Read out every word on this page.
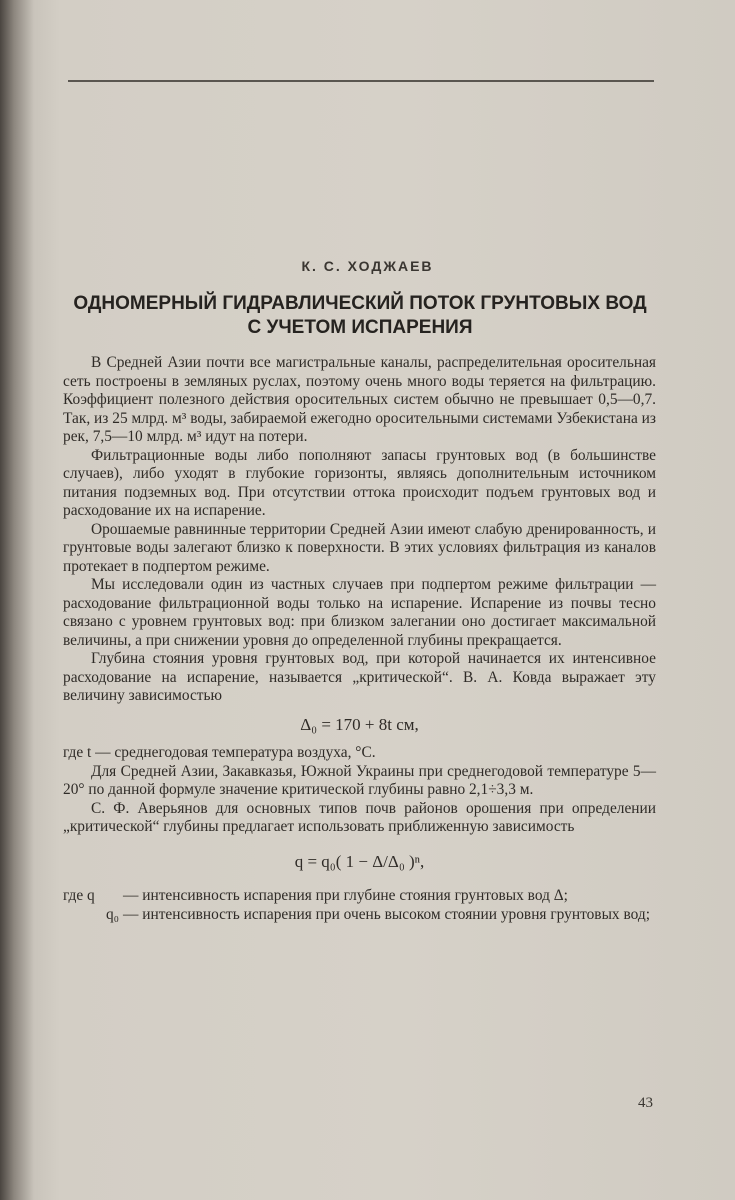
К. С. ХОДЖАЕВ
ОДНОМЕРНЫЙ ГИДРАВЛИЧЕСКИЙ ПОТОК ГРУНТОВЫХ ВОД
С УЧЕТОМ ИСПАРЕНИЯ

В Средней Азии почти все магистральные каналы, распределительная оросительная сеть построены в земляных руслах, поэтому очень много воды теряется на фильтрацию. Коэффициент полезного действия оросительных систем обычно не превышает 0,5—0,7. Так, из 25 млрд. м³ воды, забираемой ежегодно оросительными системами Узбекистана из рек, 7,5—10 млрд. м³ идут на потери.

Фильтрационные воды либо пополняют запасы грунтовых вод (в большинстве случаев), либо уходят в глубокие горизонты, являясь дополнительным источником питания подземных вод. При отсутствии оттока происходит подъем грунтовых вод и расходование их на испарение.

Орошаемые равнинные территории Средней Азии имеют слабую дренированность, и грунтовые воды залегают близко к поверхности. В этих условиях фильтрация из каналов протекает в подпертом режиме.

Мы исследовали один из частных случаев при подпертом режиме фильтрации — расходование фильтрационной воды только на испарение. Испарение из почвы тесно связано с уровнем грунтовых вод: при близком залегании оно достигает максимальной величины, а при снижении уровня до определенной глубины прекращается.

Глубина стояния уровня грунтовых вод, при которой начинается их интенсивное расходование на испарение, называется „критической“. В. А. Ковда выражает эту величину зависимостью

Δ₀ = 170 + 8t см,

где t — среднегодовая температура воздуха, °С.

Для Средней Азии, Закавказья, Южной Украины при среднегодовой температуре 5—20° по данной формуле значение критической глубины равно 2,1÷3,3 м.

С. Ф. Аверьянов для основных типов почв районов орошения при определении „критической“ глубины предлагает использовать приближенную зависимость

q = q₀( 1 − Δ/Δ₀ )ⁿ,
где q	— интенсивность испарения при глубине стояния грунтовых вод Δ;
q₀ — интенсивность испарения при очень высоком стоянии уровня грунтовых вод;
43
